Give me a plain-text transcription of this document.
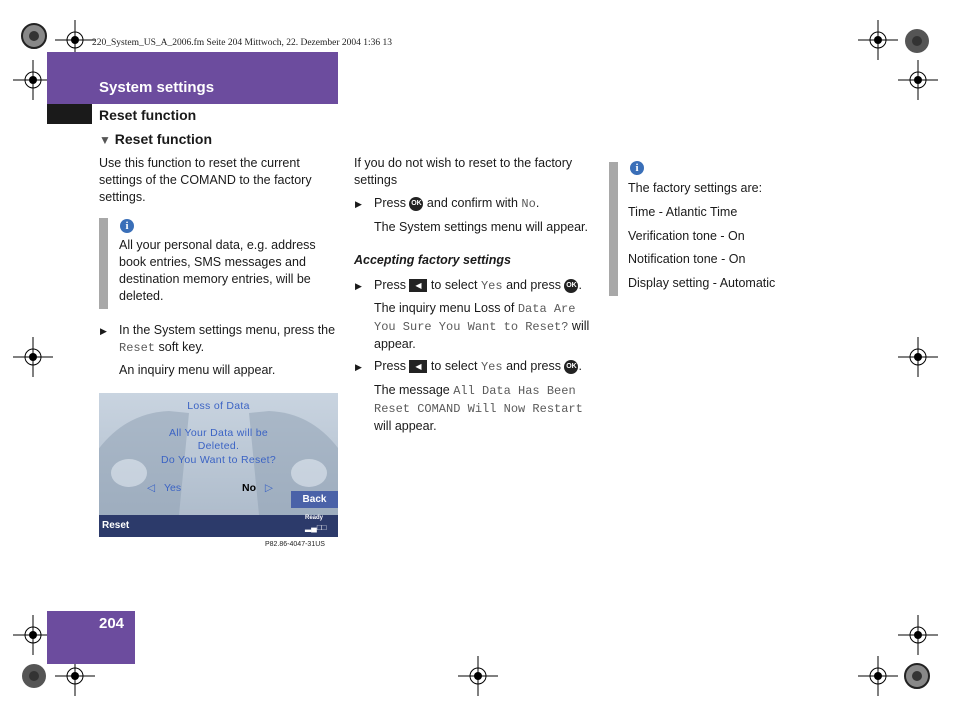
220_System_US_A_2006.fm Seite 204 Mittwoch, 22. Dezember 2004 1:36 13
System settings
Reset function
▼ Reset function
Use this function to reset the current settings of the COMAND to the factory settings.
i
All your personal data, e.g. address book entries, SMS messages and destination memory entries, will be deleted.
▶ In the System settings menu, press the Reset soft key.
An inquiry menu will appear.
Loss of Data
All Your Data will be
Deleted.
Do You Want to Reset?
◁ Yes	No ▷
Back
Reset
Ready
▂▄□□
P82.86-4047-31US
If you do not wish to reset to the factory settings
▶ Press OK and confirm with No.
The System settings menu will appear.
Accepting factory settings
▶ Press ◀ to select Yes and press OK .
The inquiry menu Loss of Data Are You Sure You Want to Reset? will appear.
▶ Press ◀ to select Yes and press OK .
The message All Data Has Been Reset COMAND Will Now Restart will appear.
i
The factory settings are:
Time - Atlantic Time
Verification tone - On
Notification tone - On
Display setting - Automatic
204
